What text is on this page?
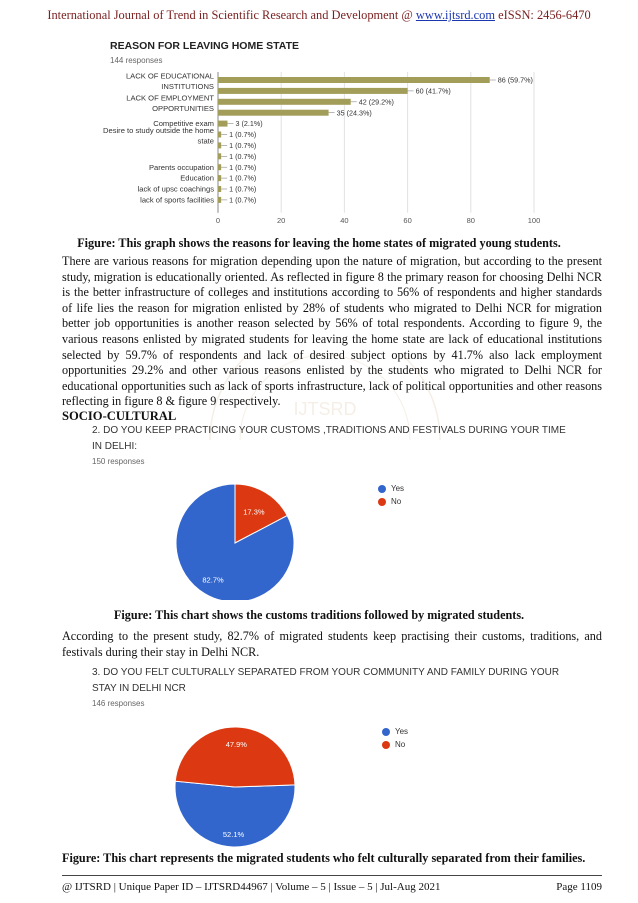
International Journal of Trend in Scientific Research and Development @ www.ijtsrd.com eISSN: 2456-6470
REASON FOR LEAVING HOME STATE
144 responses
0	20	40	60	80	100
86 (59.7%)
LACK OF EDUCATIONAL
INSTITUTIONS	60 (41.7%)
42 (29.2%)
LACK OF EMPLOYMENT
OPPORTUNITIES	35 (24.3%)
3 (2.1%)
Competitive exam
1 (0.7%)
Desire to study outside the home
state 1 (0.7%)
1 (0.7%)
1 (0.7%)
Parents occupation
1 (0.7%)
Education
1 (0.7%)
lack of upsc coachings
1 (0.7%)
lack of sports facilities
Figure: This graph shows the reasons for leaving the home states of migrated young students.
There are various reasons for migration depending upon the nature of migration, but according to the present study, migration is educationally oriented. As reflected in figure 8 the primary reason for choosing Delhi NCR is the better infrastructure of colleges and institutions according to 56% of respondents and higher standards of life lies the reason for migration enlisted by 28% of students who migrated to Delhi NCR for migration better job opportunities is another reason selected by 56% of total respondents. According to figure 9, the various reasons enlisted by migrated students for leaving the home state are lack of educational institutions selected by 59.7% of respondents and lack of desired subject options by 41.7% also lack employment opportunities 29.2% and other various reasons enlisted by the students who migrated to Delhi NCR for educational opportunities such as lack of sports infrastructure, lack of political opportunities and other reasons reflecting in figure 8 & figure 9 respectively. IJTSRD
SOCIO-CULTURAL
2. DO YOU KEEP PRACTICING YOUR CUSTOMS ,TRADITIONS AND FESTIVALS DURING YOUR TIME
IN DELHI:
150 responses
17.3%
82.7%
Yes
No
Figure: This chart shows the customs traditions followed by migrated students.
According to the present study, 82.7% of migrated students keep practising their customs, traditions, and festivals during their stay in Delhi NCR.
3. DO YOU FELT CULTURALLY SEPARATED FROM YOUR COMMUNITY AND FAMILY DURING YOUR
STAY IN DELHI NCR
146 responses
52.1%
47.9%
Yes
No
Figure: This chart represents the migrated students who felt culturally separated from their families.
@ IJTSRD | Unique Paper ID – IJTSRD44967 | Volume – 5 | Issue – 5 | Jul-Aug 2021	Page 1109
